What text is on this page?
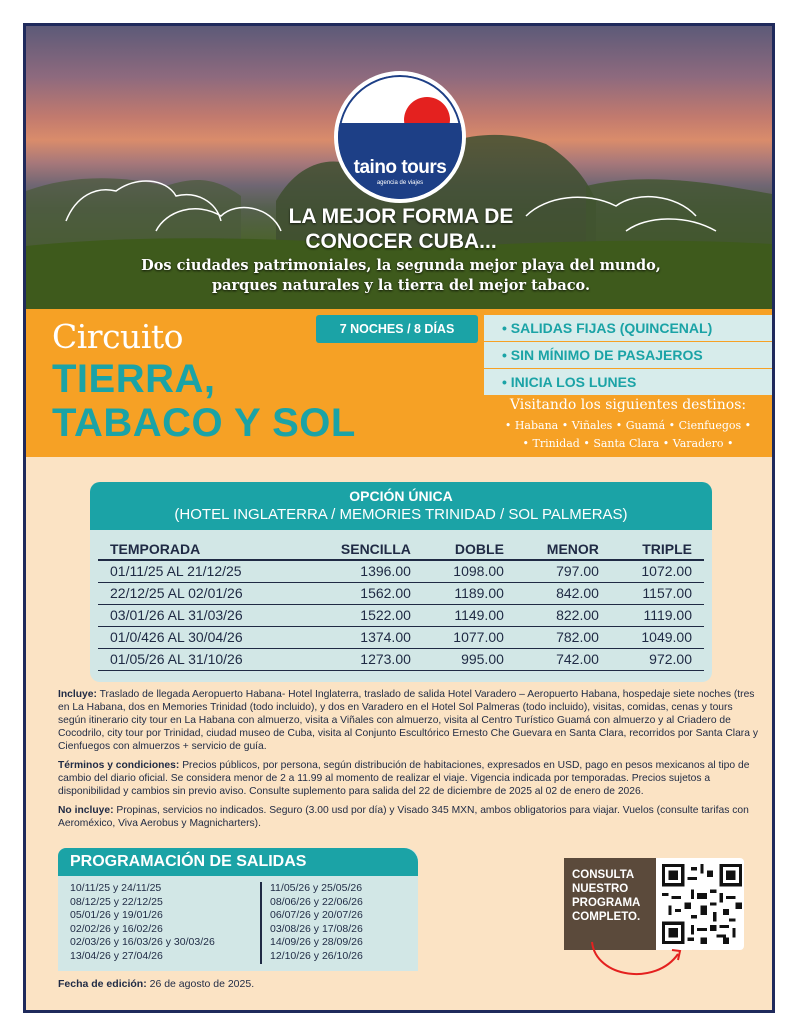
taino tours
agencia de viajes
LA MEJOR FORMA DE
CONOCER CUBA...
Dos ciudades patrimoniales, la segunda mejor playa del mundo,
parques naturales y la tierra del mejor tabaco.
Circuito
TIERRA,
TABACO Y SOL
7 NOCHES / 8 DÍAS	• SALIDAS FIJAS (QUINCENAL)
• SIN MÍNIMO DE PASAJEROS
• INICIA LOS LUNES
Visitando los siguientes destinos:
• Habana • Viñales • Guamá • Cienfuegos •
• Trinidad • Santa Clara • Varadero •
OPCIÓN ÚNICA
(HOTEL INGLATERRA / MEMORIES TRINIDAD / SOL PALMERAS)
TEMPORADA	SENCILLA	DOBLE	MENOR	TRIPLE
01/11/25 AL 21/12/25	1396.00	1098.00	797.00	1072.00
22/12/25 AL 02/01/26	1562.00	1189.00	842.00	1157.00
03/01/26 AL 31/03/26	1522.00	1149.00	822.00	1119.00
01/0/426 AL 30/04/26	1374.00	1077.00	782.00	1049.00
01/05/26 AL 31/10/26	1273.00	995.00	742.00	972.00

Incluye: Traslado de llegada Aeropuerto Habana- Hotel Inglaterra, traslado de salida Hotel Varadero – Aeropuerto Habana, hospedaje siete noches (tres en La Habana, dos en Memories Trinidad (todo incluido), y dos en Varadero en el Hotel Sol Palmeras (todo incluido), visitas, comidas, cenas y tours según itinerario city tour en La Habana con almuerzo, visita a Viñales con almuerzo, visita al Centro Turístico Guamá con almuerzo y al Criadero de Cocodrilo, city tour por Trinidad, ciudad museo de Cuba, visita al Conjunto Escultórico Ernesto Che Guevara en Santa Clara, recorridos por Santa Clara y Cienfuegos con almuerzos + servicio de guía.

Términos y condiciones: Precios públicos, por persona, según distribución de habitaciones, expresados en USD, pago en pesos mexicanos al tipo de cambio del diario oficial. Se considera menor de 2 a 11.99 al momento de realizar el viaje. Vigencia indicada por temporadas. Precios sujetos a disponibilidad y cambios sin previo aviso. Consulte suplemento para salida del 22 de diciembre de 2025 al 02 de enero de 2026.

No incluye: Propinas, servicios no indicados. Seguro (3.00 usd por día) y Visado 345 MXN, ambos obligatorios para viajar. Vuelos (consulte tarifas con Aeroméxico, Viva Aerobus y Magnicharters).

PROGRAMACIÓN DE SALIDAS
10/11/25 y 24/11/25
08/12/25 y 22/12/25
05/01/26 y 19/01/26
02/02/26 y 16/02/26
02/03/26 y 16/03/26 y 30/03/26
13/04/26 y 27/04/26
11/05/26 y 25/05/26
08/06/26 y 22/06/26
06/07/26 y 20/07/26
03/08/26 y 17/08/26
14/09/26 y 28/09/26
12/10/26 y 26/10/26
Fecha de edición: 26 de agosto de 2025.
CONSULTA
NUESTRO
PROGRAMA
COMPLETO.
